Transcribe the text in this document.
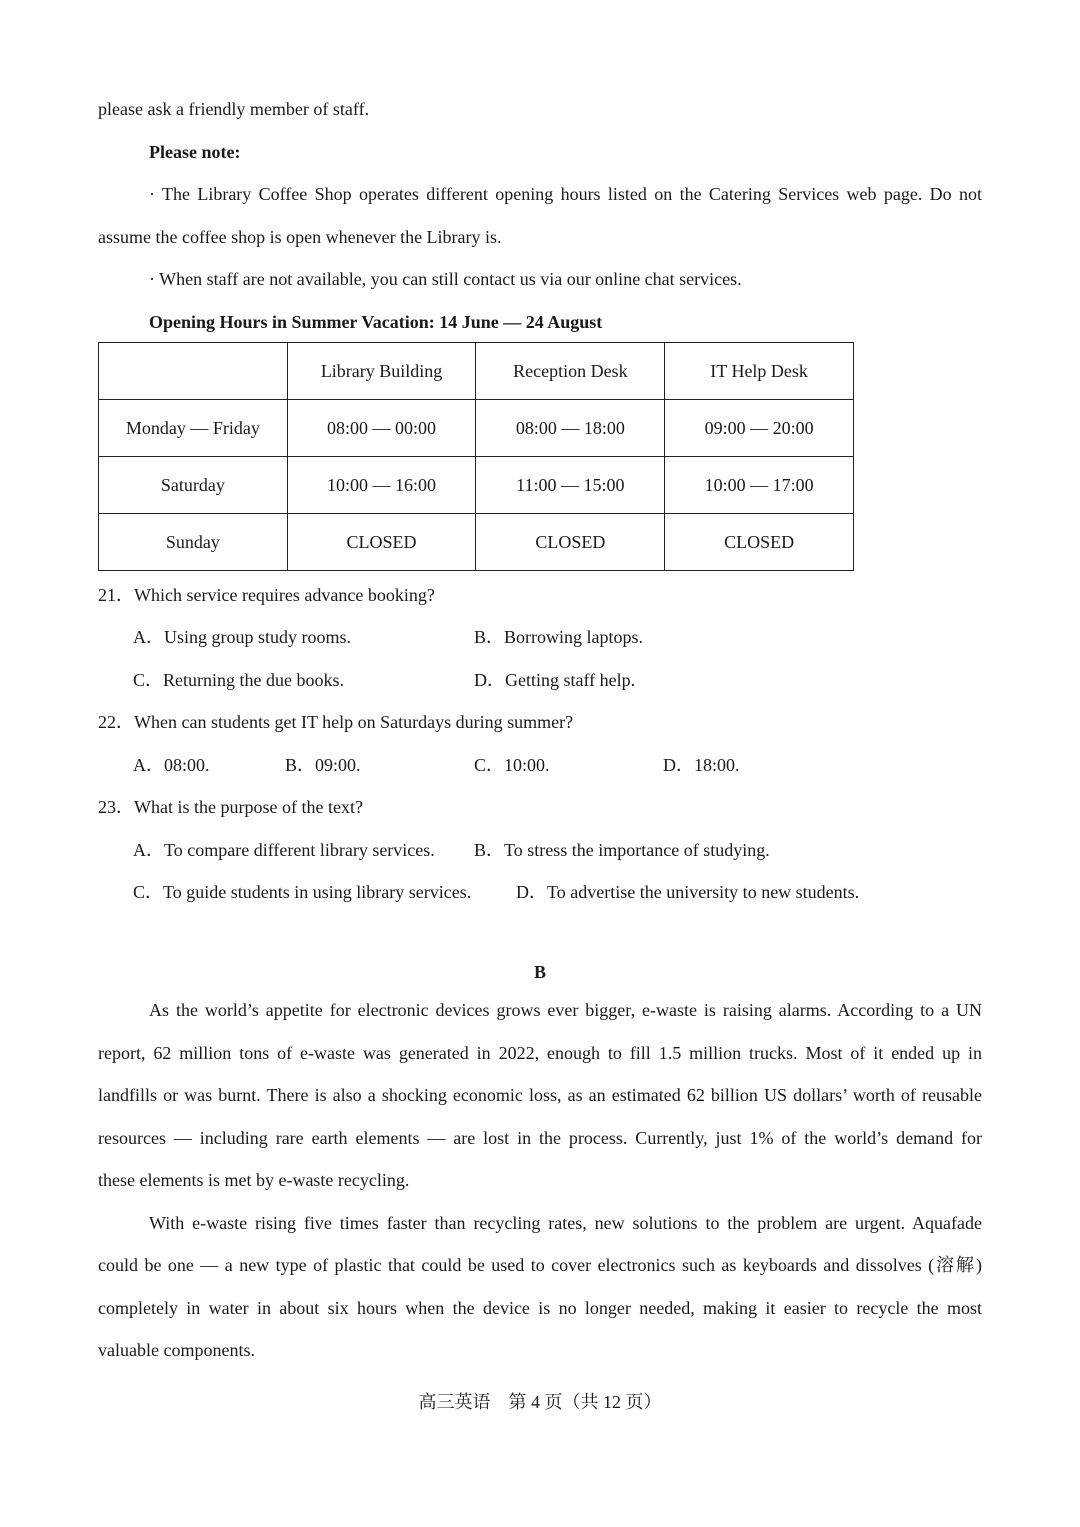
please ask a friendly member of staff.
Please note:
· The Library Coffee Shop operates different opening hours listed on the Catering Services web page. Do not
assume the coffee shop is open whenever the Library is.
· When staff are not available, you can still contact us via our online chat services.
Opening Hours in Summer Vacation: 14 June — 24 August
	Library Building	Reception Desk	IT Help Desk
Monday — Friday	08:00 — 00:00	08:00 — 18:00	09:00 — 20:00
Saturday	10:00 — 16:00	11:00 — 15:00	10:00 — 17:00
Sunday	CLOSED	CLOSED	CLOSED
21．Which service requires advance booking?
A．Using group study rooms.	B．Borrowing laptops.
C．Returning the due books.	D．Getting staff help.
22．When can students get IT help on Saturdays during summer?
A．08:00.	B．09:00.	C．10:00.	D．18:00.
23．What is the purpose of the text?
A．To compare different library services. B．To stress the importance of studying.
C．To guide students in using library services. D．To advertise the university to new students.
B
As the world’s appetite for electronic devices grows ever bigger, e-waste is raising alarms. According to a UN
report, 62 million tons of e-waste was generated in 2022, enough to fill 1.5 million trucks. Most of it ended up in
landfills or was burnt. There is also a shocking economic loss, as an estimated 62 billion US dollars’ worth of reusable
resources — including rare earth elements — are lost in the process. Currently, just 1% of the world’s demand for
these elements is met by e-waste recycling.
With e-waste rising five times faster than recycling rates, new solutions to the problem are urgent. Aquafade
could be one — a new type of plastic that could be used to cover electronics such as keyboards and dissolves (溶解)
completely in water in about six hours when the device is no longer needed, making it easier to recycle the most
valuable components.
高三英语　第 4 页（共 12 页）
